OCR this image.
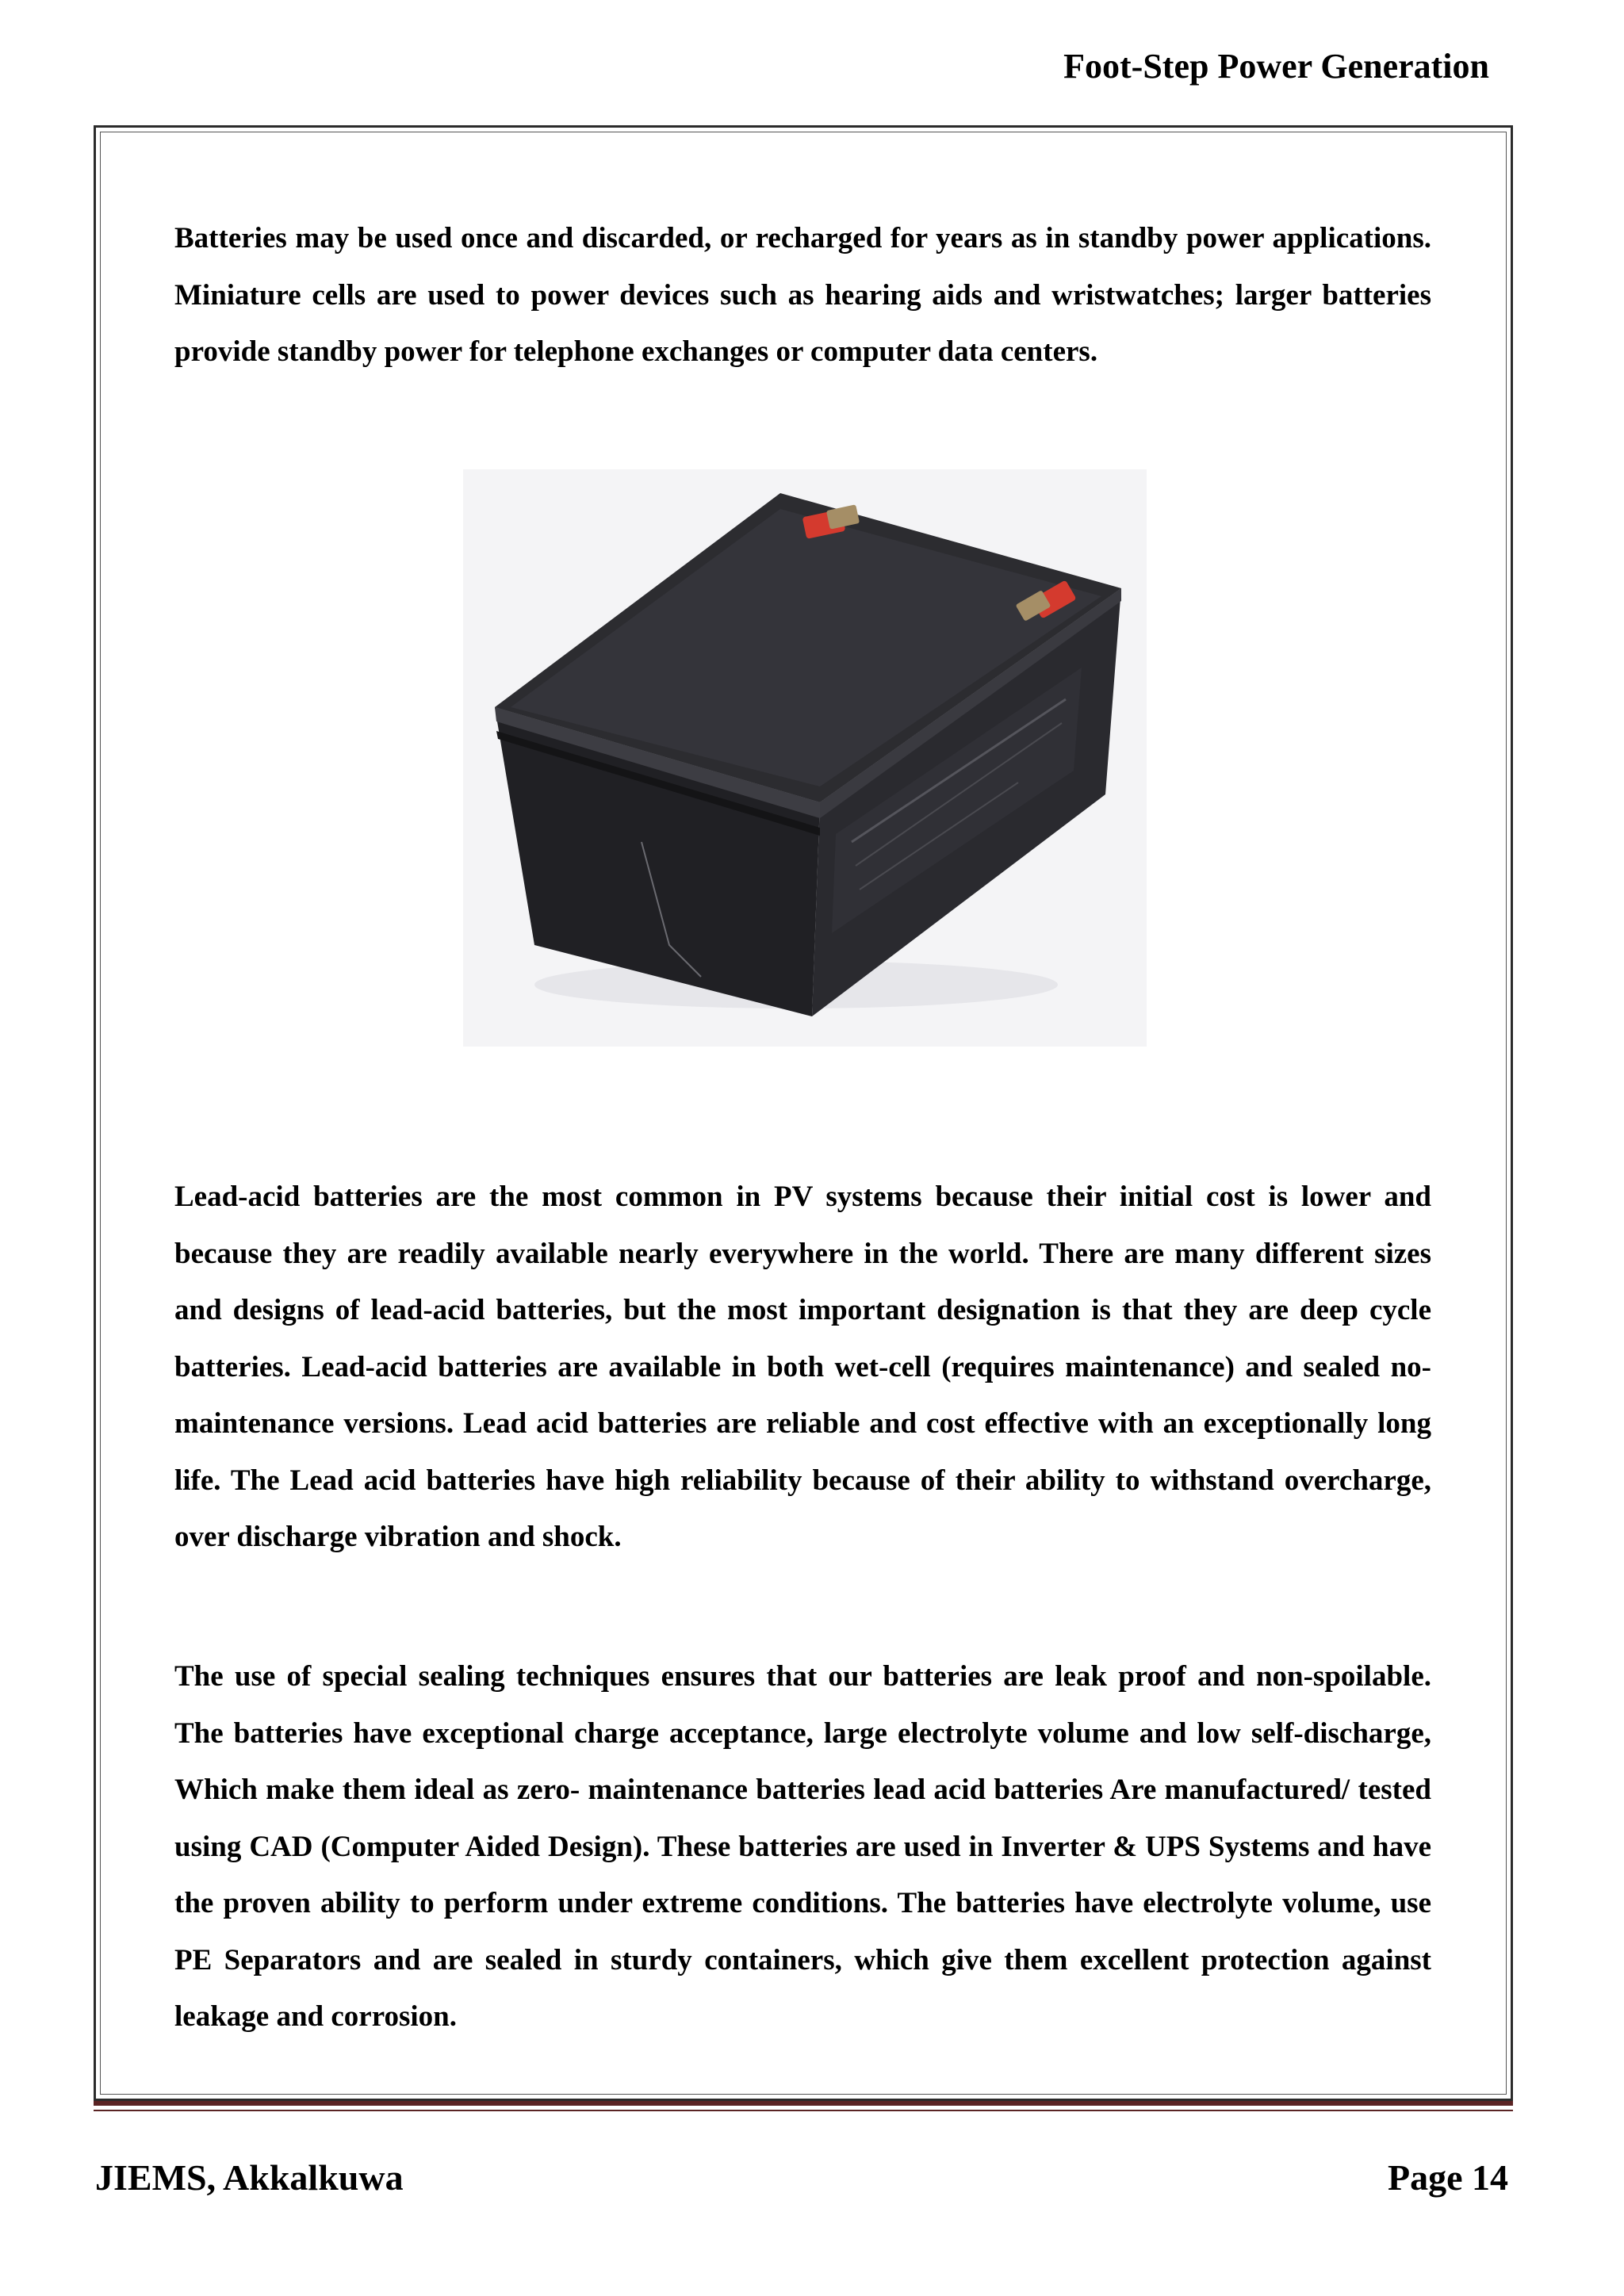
Foot-Step Power Generation

Batteries may be used once and discarded, or recharged for years as in standby power applications. Miniature cells are used to power devices such as hearing aids and wristwatches; larger batteries provide standby power for telephone exchanges or computer data centers.

Lead-acid batteries are the most common in PV systems because their initial cost is lower and because they are readily available nearly everywhere in the world. There are many different sizes and designs of lead-acid batteries, but the most important designation is that they are deep cycle batteries. Lead-acid batteries are available in both wet-cell (requires maintenance) and sealed no-maintenance versions. Lead acid batteries are reliable and cost effective with an exceptionally long life. The Lead acid batteries have high reliability because of their ability to withstand overcharge, over discharge vibration and shock.

The use of special sealing techniques ensures that our batteries are leak proof and non-spoilable. The batteries have exceptional charge acceptance, large electrolyte volume and low self-discharge, Which make them ideal as zero- maintenance batteries lead acid batteries Are manufactured/ tested using CAD (Computer Aided Design). These batteries are used in Inverter & UPS Systems and have the proven ability to perform under extreme conditions. The batteries have electrolyte volume, use PE Separators and are sealed in sturdy containers, which give them excellent protection against leakage and corrosion.

JIEMS, Akkalkuwa	Page 14
